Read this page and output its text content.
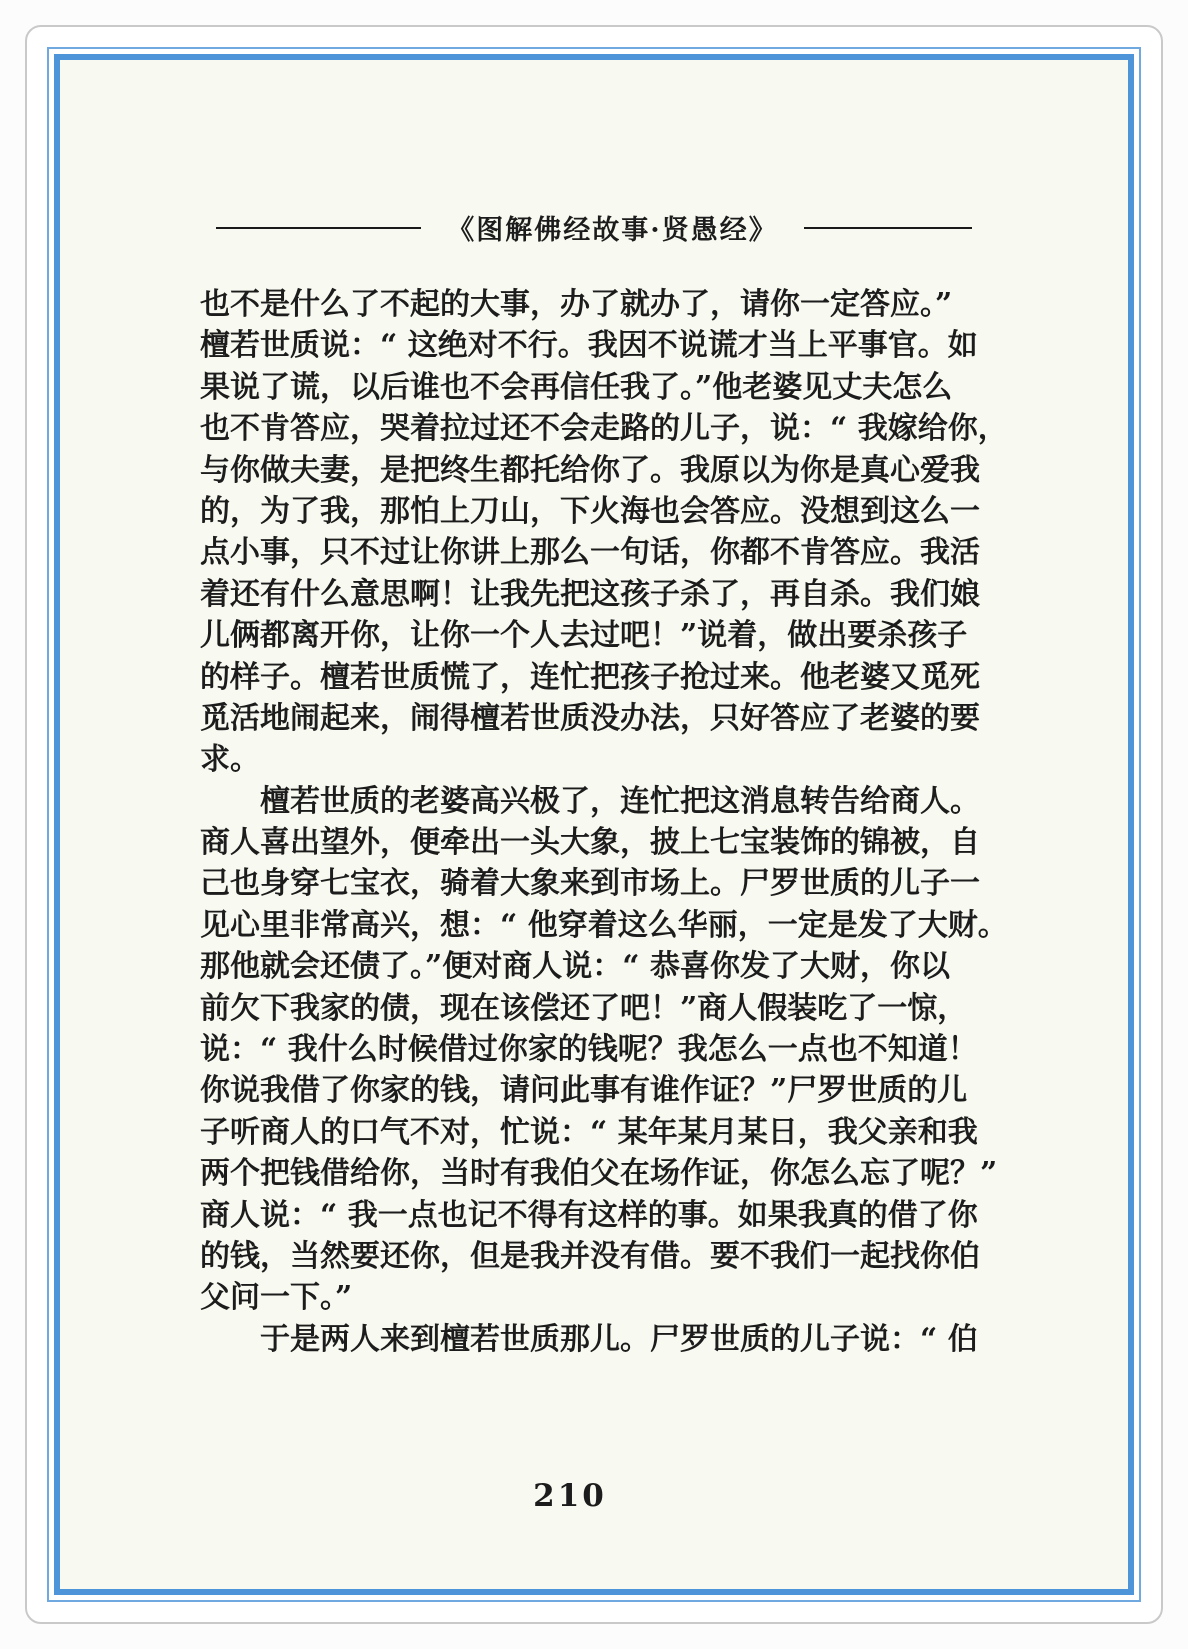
《图解佛经故事·贤愚经》
也不是什么了不起的大事，办了就办了，请你一定答应。”
檀若世质说：“ 这绝对不行。我因不说谎才当上平事官。如
果说了谎，以后谁也不会再信任我了。”他老婆见丈夫怎么
也不肯答应，哭着拉过还不会走路的儿子，说：“ 我嫁给你，
与你做夫妻，是把终生都托给你了。我原以为你是真心爱我
的，为了我，那怕上刀山，下火海也会答应。没想到这么一
点小事，只不过让你讲上那么一句话，你都不肯答应。我活
着还有什么意思啊！让我先把这孩子杀了，再自杀。我们娘
儿俩都离开你，让你一个人去过吧！”说着，做出要杀孩子
的样子。檀若世质慌了，连忙把孩子抢过来。他老婆又觅死
觅活地闹起来，闹得檀若世质没办法，只好答应了老婆的要
求。
檀若世质的老婆高兴极了，连忙把这消息转告给商人。
商人喜出望外，便牵出一头大象，披上七宝装饰的锦被，自
己也身穿七宝衣，骑着大象来到市场上。尸罗世质的儿子一
见心里非常高兴，想：“ 他穿着这么华丽，一定是发了大财。
那他就会还债了。”便对商人说：“ 恭喜你发了大财，你以
前欠下我家的债，现在该偿还了吧！”商人假装吃了一惊，
说：“ 我什么时候借过你家的钱呢？我怎么一点也不知道！
你说我借了你家的钱，请问此事有谁作证？”尸罗世质的儿
子听商人的口气不对，忙说：“ 某年某月某日，我父亲和我
两个把钱借给你，当时有我伯父在场作证，你怎么忘了呢？”
商人说：“ 我一点也记不得有这样的事。如果我真的借了你
的钱，当然要还你，但是我并没有借。要不我们一起找你伯
父问一下。”
于是两人来到檀若世质那儿。尸罗世质的儿子说：“ 伯
210
